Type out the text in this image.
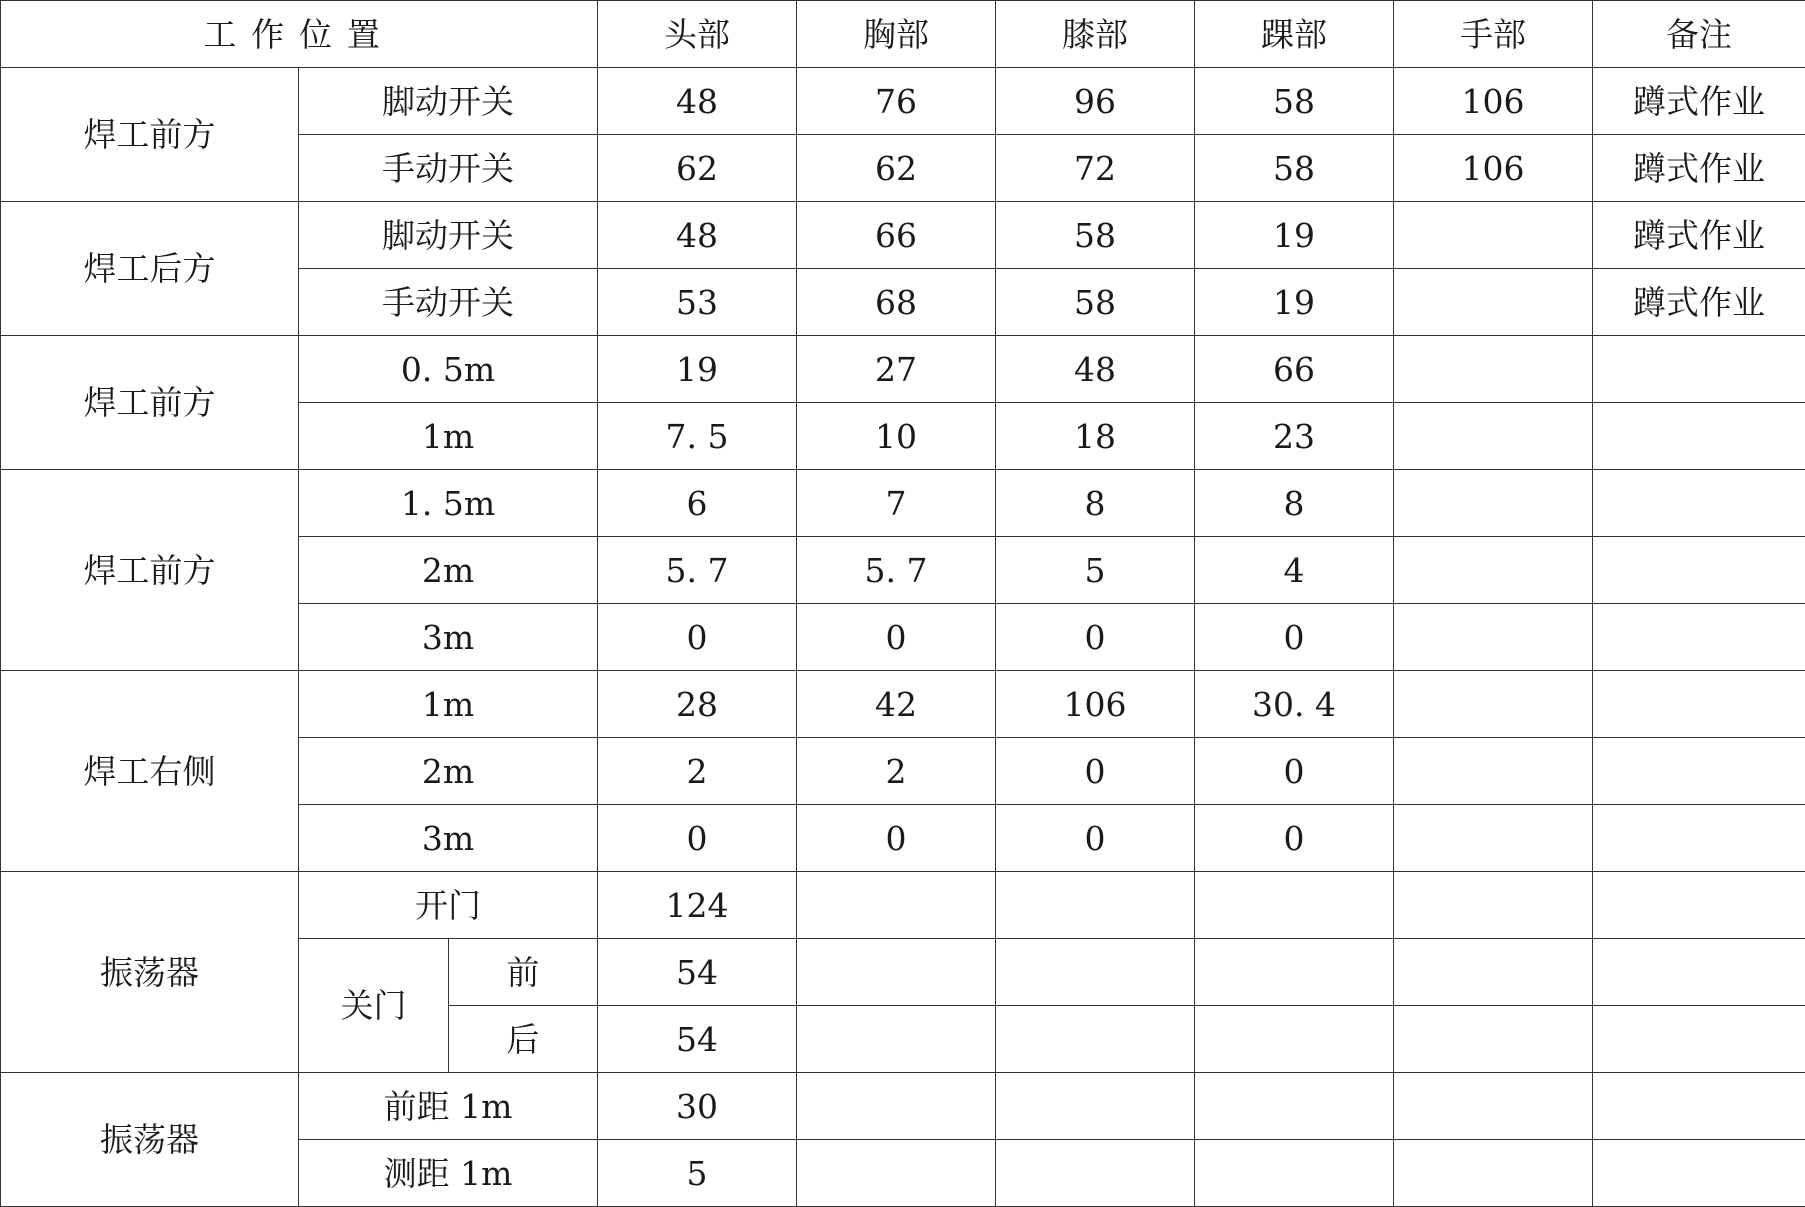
工作位置			头部	胸部	膝部	踝部	手部	备注
焊工前方	脚动开关		48	76	96	58	106	蹲式作业
	手动开关		62	62	72	58	106	蹲式作业
焊工后方	脚动开关		48	66	58	19		蹲式作业
	手动开关		53	68	58	19		蹲式作业
焊工前方	0. 5m		19	27	48	66		
	1m		7. 5	10	18	23		
焊工前方	1. 5m		6	7	8	8		
	2m		5. 7	5. 7	5	4		
	3m		0	0	0	0		
焊工右侧	1m		28	42	106	30. 4		
	2m		2	2	0	0		
	3m		0	0	0	0		
振荡器	开门		124					
	关门	前	54					
		后	54					
振荡器	前距 1m		30					
	测距 1m		5					
